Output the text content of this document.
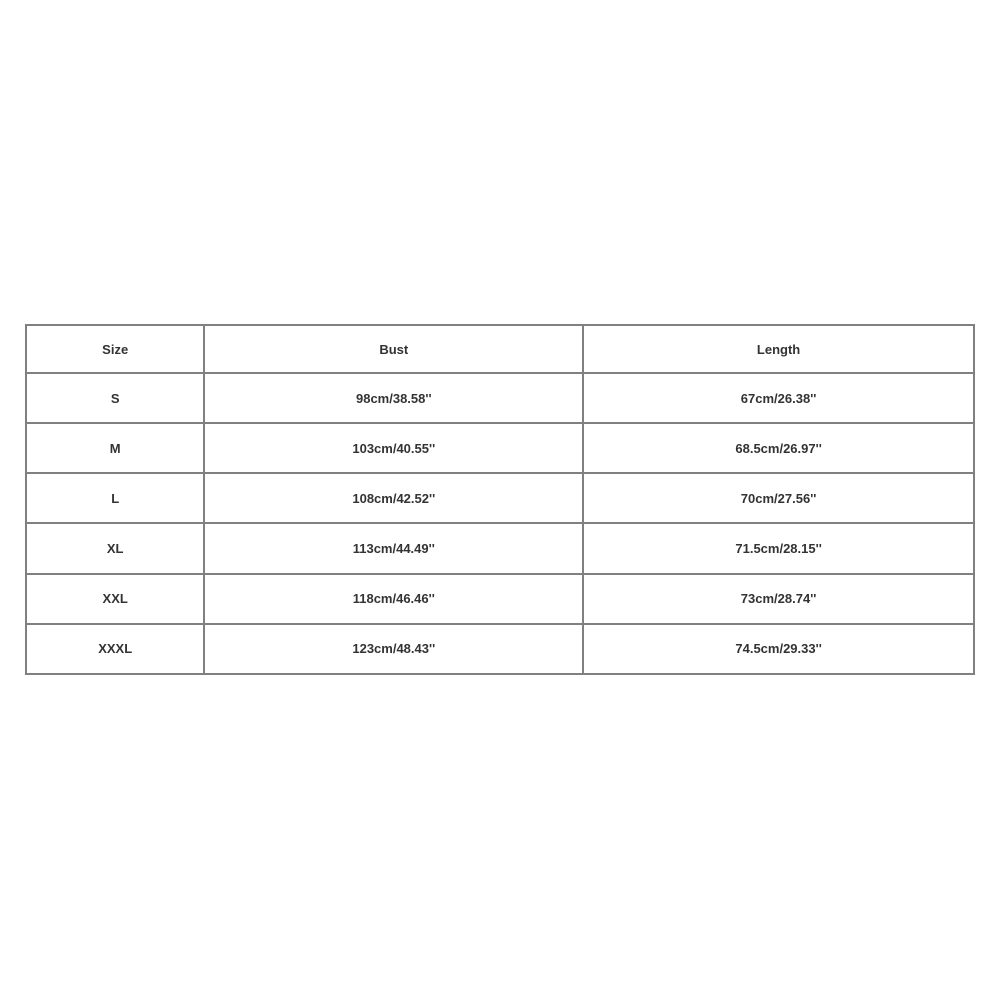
Size	Bust	Length
S	98cm/38.58''	67cm/26.38''
M	103cm/40.55''	68.5cm/26.97''
L	108cm/42.52''	70cm/27.56''
XL	113cm/44.49''	71.5cm/28.15''
XXL	118cm/46.46''	73cm/28.74''
XXXL	123cm/48.43''	74.5cm/29.33''
